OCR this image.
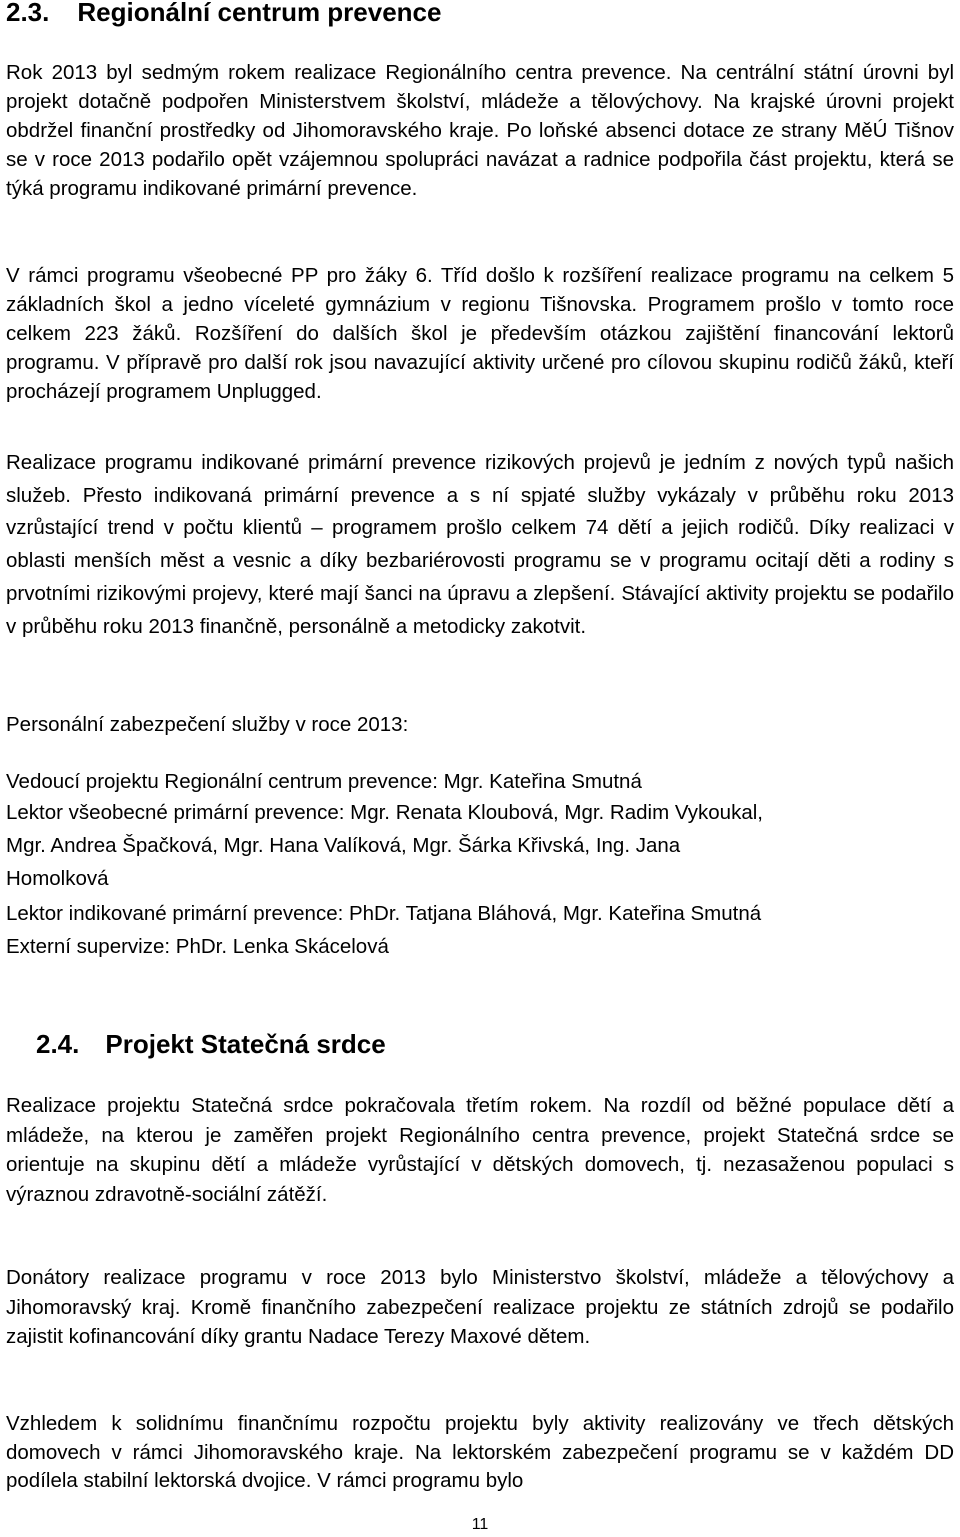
2.3. Regionální centrum prevence

Rok 2013 byl sedmým rokem realizace Regionálního centra prevence. Na centrální státní úrovni byl projekt dotačně podpořen Ministerstvem školství, mládeže a tělovýchovy. Na krajské úrovni projekt obdržel finanční prostředky od Jihomoravského kraje. Po loňské absenci dotace ze strany MěÚ Tišnov se v roce 2013 podařilo opět vzájemnou spolupráci navázat a radnice podpořila část projektu, která se týká programu indikované primární prevence.

V rámci programu všeobecné PP pro žáky 6. Tříd došlo k rozšíření realizace programu na celkem 5 základních škol a jedno víceleté gymnázium v regionu Tišnovska. Programem prošlo v tomto roce celkem 223 žáků. Rozšíření do dalších škol je především otázkou zajištění financování lektorů programu. V přípravě pro další rok jsou navazující aktivity určené pro cílovou skupinu rodičů žáků, kteří procházejí programem Unplugged.

Realizace programu indikované primární prevence rizikových projevů je jedním z nových typů našich služeb. Přesto indikovaná primární prevence a s ní spjaté služby vykázaly v průběhu roku 2013 vzrůstající trend v počtu klientů – programem prošlo celkem 74 dětí a jejich rodičů. Díky realizaci v oblasti menších měst a vesnic a díky bezbariérovosti programu se v programu ocitají děti a rodiny s prvotními rizikovými projevy, které mají šanci na úpravu a zlepšení. Stávající aktivity projektu se podařilo v průběhu roku 2013 finančně, personálně a metodicky zakotvit.

Personální zabezpečení služby v roce 2013:

Vedoucí projektu Regionální centrum prevence: Mgr. Kateřina Smutná
Lektor všeobecné primární prevence: Mgr. Renata Kloubová, Mgr. Radim Vykoukal,
Mgr. Andrea Špačková, Mgr. Hana Valíková, Mgr. Šárka Křivská, Ing. Jana
Homolková
Lektor indikované primární prevence: PhDr. Tatjana Bláhová, Mgr. Kateřina Smutná
Externí supervize: PhDr. Lenka Skácelová
2.4. Projekt Statečná srdce

Realizace projektu Statečná srdce pokračovala třetím rokem. Na rozdíl od běžné populace dětí a mládeže, na kterou je zaměřen projekt Regionálního centra prevence, projekt Statečná srdce se orientuje na skupinu dětí a mládeže vyrůstající v dětských domovech, tj. nezasaženou populaci s výraznou zdravotně-sociální zátěží.

Donátory realizace programu v roce 2013 bylo Ministerstvo školství, mládeže a tělovýchovy a Jihomoravský kraj. Kromě finančního zabezpečení realizace projektu ze státních zdrojů se podařilo zajistit kofinancování díky grantu Nadace Terezy Maxové dětem.

Vzhledem k solidnímu finančnímu rozpočtu projektu byly aktivity realizovány ve třech dětských domovech v rámci Jihomoravského kraje. Na lektorském zabezpečení programu se v každém DD podílela stabilní lektorská dvojice. V rámci programu bylo

11
